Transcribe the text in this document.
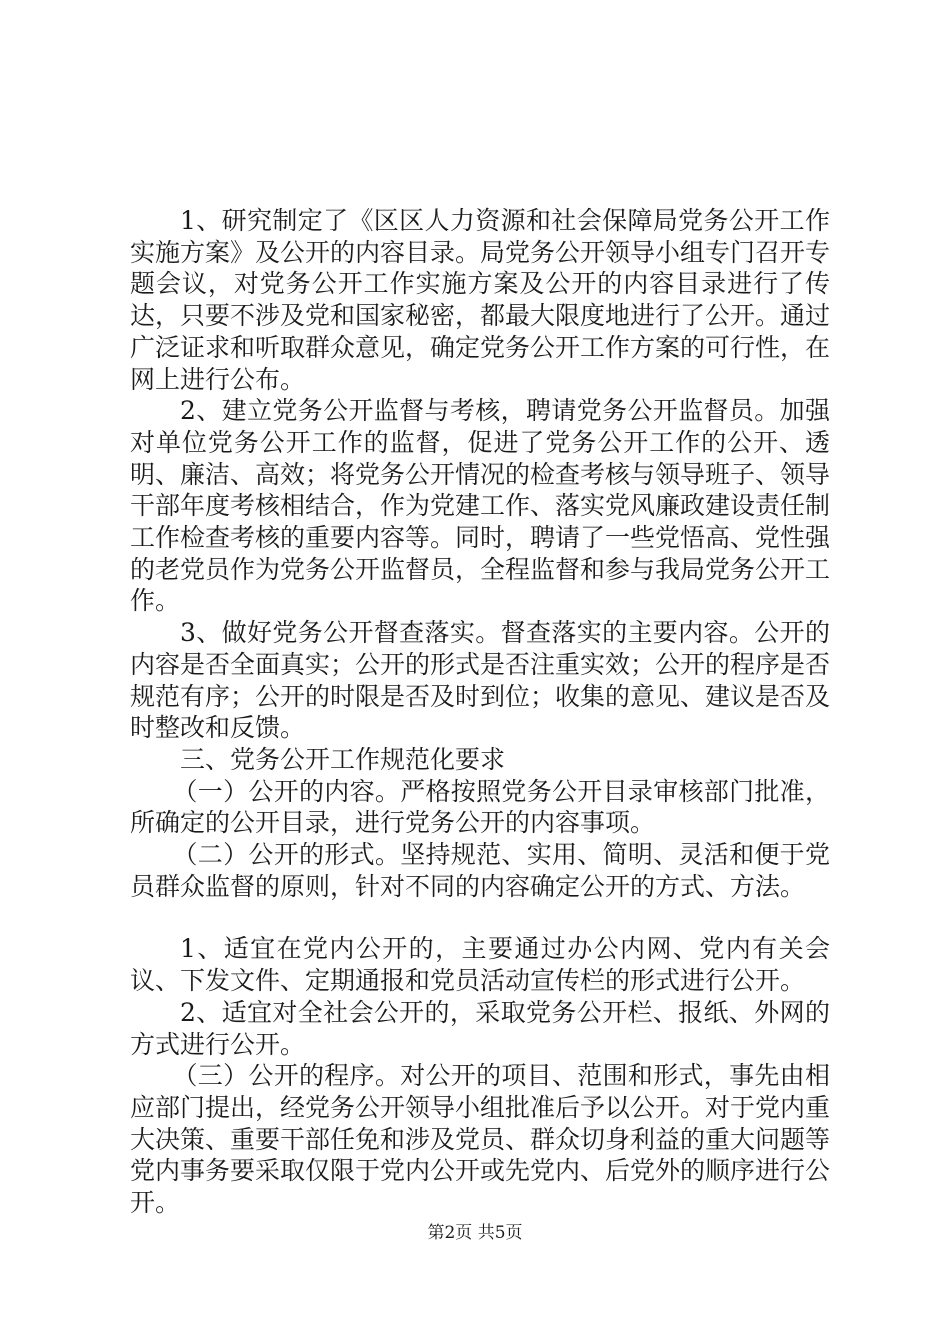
1、研究制定了《区区人力资源和社会保障局党务公开工作实施方案》及公开的内容目录。局党务公开领导小组专门召开专题会议，对党务公开工作实施方案及公开的内容目录进行了传达，只要不涉及党和国家秘密，都最大限度地进行了公开。通过广泛证求和听取群众意见，确定党务公开工作方案的可行性，在网上进行公布。

2、建立党务公开监督与考核，聘请党务公开监督员。加强对单位党务公开工作的监督，促进了党务公开工作的公开、透明、廉洁、高效；将党务公开情况的检查考核与领导班子、领导干部年度考核相结合，作为党建工作、落实党风廉政建设责任制工作检查考核的重要内容等。同时，聘请了一些党悟高、党性强的老党员作为党务公开监督员，全程监督和参与我局党务公开工作。

3、做好党务公开督查落实。督查落实的主要内容。公开的内容是否全面真实；公开的形式是否注重实效；公开的程序是否规范有序；公开的时限是否及时到位；收集的意见、建议是否及时整改和反馈。

三、党务公开工作规范化要求

（一）公开的内容。严格按照党务公开目录审核部门批准，所确定的公开目录，进行党务公开的内容事项。

（二）公开的形式。坚持规范、实用、简明、灵活和便于党员群众监督的原则，针对不同的内容确定公开的方式、方法。

1、适宜在党内公开的，主要通过办公内网、党内有关会议、下发文件、定期通报和党员活动宣传栏的形式进行公开。

2、适宜对全社会公开的，采取党务公开栏、报纸、外网的方式进行公开。

（三）公开的程序。对公开的项目、范围和形式，事先由相应部门提出，经党务公开领导小组批准后予以公开。对于党内重大决策、重要干部任免和涉及党员、群众切身利益的重大问题等党内事务要采取仅限于党内公开或先党内、后党外的顺序进行公开。

第2页 共5页
